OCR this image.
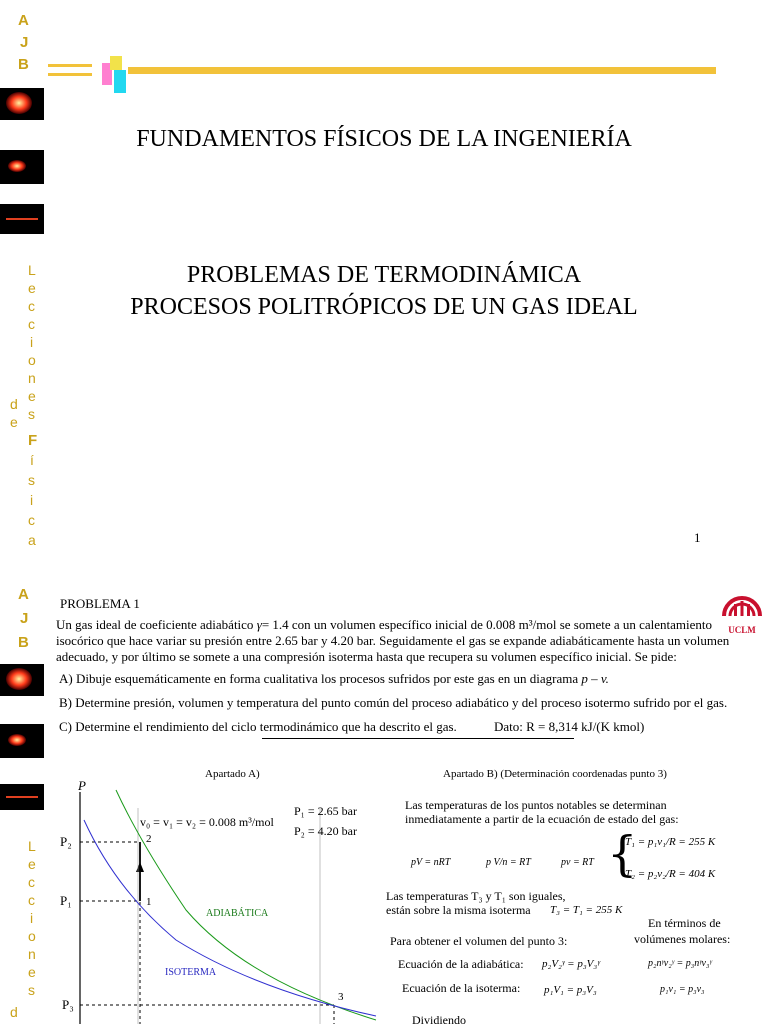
A
J
B
L
e
c
c
i
o
n
e
s
d
e
F
í
s
i
c
a
A
J
B
L
e
c
c
i
o
n
e
s
d
FUNDAMENTOS FÍSICOS DE LA INGENIERÍA
PROBLEMAS DE TERMODINÁMICA
PROCESOS POLITRÓPICOS DE UN GAS IDEAL
1
PROBLEMA 1
UCLM
Un gas ideal de coeficiente adiabático γ= 1.4 con un volumen específico inicial de 0.008 m³/mol se somete a un calentamiento
isocórico que hace variar su presión entre 2.65 bar y 4.20 bar. Seguidamente el gas se expande adiabáticamente hasta un volumen
adecuado, y por último se somete a una compresión isoterma hasta que recupera su volumen específico inicial. Se pide:
A) Dibuje esquemáticamente en forma cualitativa los procesos sufridos por este gas en un diagrama p – v.
B) Determine presión, volumen y temperatura del punto común del proceso adiabático y del proceso isotermo sufrido por el gas.
C) Determine el rendimiento del ciclo termodinámico que ha descrito el gas.	Dato: R = 8,314 kJ/(K kmol)
Apartado A)	Apartado B) (Determinación coordenadas punto 3)
P
P₂
P₁
P₃
2
1
3
v₀ = v₁ = v₂ = 0.008 m³/mol
P₁ = 2.65 bar
P₂ = 4.20 bar
ADIABÁTICA
ISOTERMA
Las temperaturas de los puntos notables se determinan
inmediatamente a partir de la ecuación de estado del gas:
pV = nRT	p V/n = RT	pv = RT {
T₁ = p₁v₁/R = 255 K
T₂ = p₂v₂/R = 404 K
Las temperaturas T₃ y T₁ son iguales,
están sobre la misma isoterma T₃ = T₁ = 255 K
En términos de
volúmenes molares:
Para obtener el volumen del punto 3:
Ecuación de la adiabática: p₂V₂ᵞ = p₃V₃ᵞ	p₂nᵞv₂ᵞ = p₃nᵞv₃ᵞ
Ecuación de la isoterma: p₁V₁ = p₃V₃	p₁v₁ = p₃v₃
Dividiendo
